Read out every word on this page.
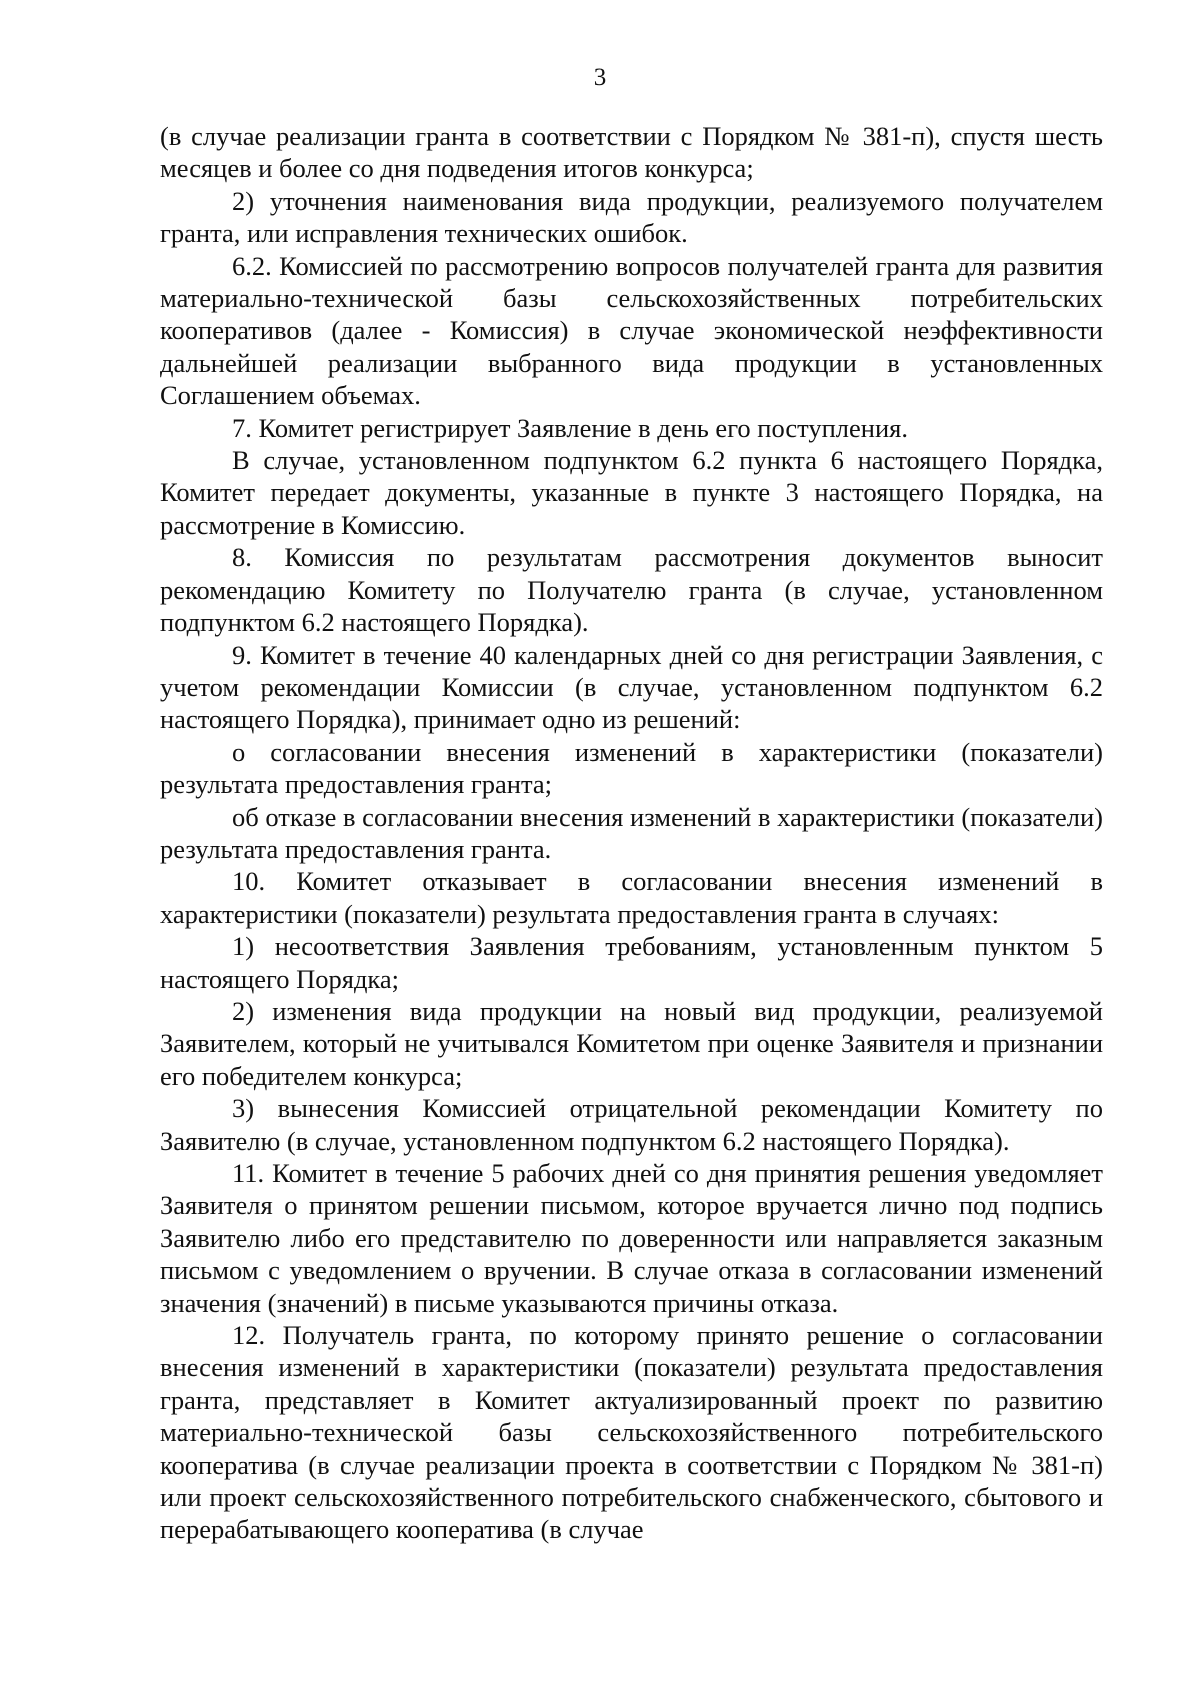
3

(в случае реализации гранта в соответствии с Порядком № 381-п), спустя шесть месяцев и более со дня подведения итогов конкурса;

2) уточнения наименования вида продукции, реализуемого получателем гранта, или исправления технических ошибок.

6.2. Комиссией по рассмотрению вопросов получателей гранта для развития материально-технической базы сельскохозяйственных потребительских кооперативов (далее - Комиссия) в случае экономической неэффективности дальнейшей реализации выбранного вида продукции в установленных Соглашением объемах.

7. Комитет регистрирует Заявление в день его поступления.

В случае, установленном подпунктом 6.2 пункта 6 настоящего Порядка, Комитет передает документы, указанные в пункте 3 настоящего Порядка, на рассмотрение в Комиссию.

8. Комиссия по результатам рассмотрения документов выносит рекомендацию Комитету по Получателю гранта (в случае, установленном подпунктом 6.2 настоящего Порядка).

9. Комитет в течение 40 календарных дней со дня регистрации Заявления, с учетом рекомендации Комиссии (в случае, установленном подпунктом 6.2 настоящего Порядка), принимает одно из решений:

о согласовании внесения изменений в характеристики (показатели) результата предоставления гранта;

об отказе в согласовании внесения изменений в характеристики (показатели) результата предоставления гранта.

10. Комитет отказывает в согласовании внесения изменений в характеристики (показатели) результата предоставления гранта в случаях:

1) несоответствия Заявления требованиям, установленным пунктом 5 настоящего Порядка;

2) изменения вида продукции на новый вид продукции, реализуемой Заявителем, который не учитывался Комитетом при оценке Заявителя и признании его победителем конкурса;

3) вынесения Комиссией отрицательной рекомендации Комитету по Заявителю (в случае, установленном подпунктом 6.2 настоящего Порядка).

11. Комитет в течение 5 рабочих дней со дня принятия решения уведомляет Заявителя о принятом решении письмом, которое вручается лично под подпись Заявителю либо его представителю по доверенности или направляется заказным письмом с уведомлением о вручении. В случае отказа в согласовании изменений значения (значений) в письме указываются причины отказа.

12. Получатель гранта, по которому принято решение о согласовании внесения изменений в характеристики (показатели) результата предоставления гранта, представляет в Комитет актуализированный проект по развитию материально-технической базы сельскохозяйственного потребительского кооператива (в случае реализации проекта в соответствии с Порядком № 381-п) или проект сельскохозяйственного потребительского снабженческого, сбытового и перерабатывающего кооператива (в случае
